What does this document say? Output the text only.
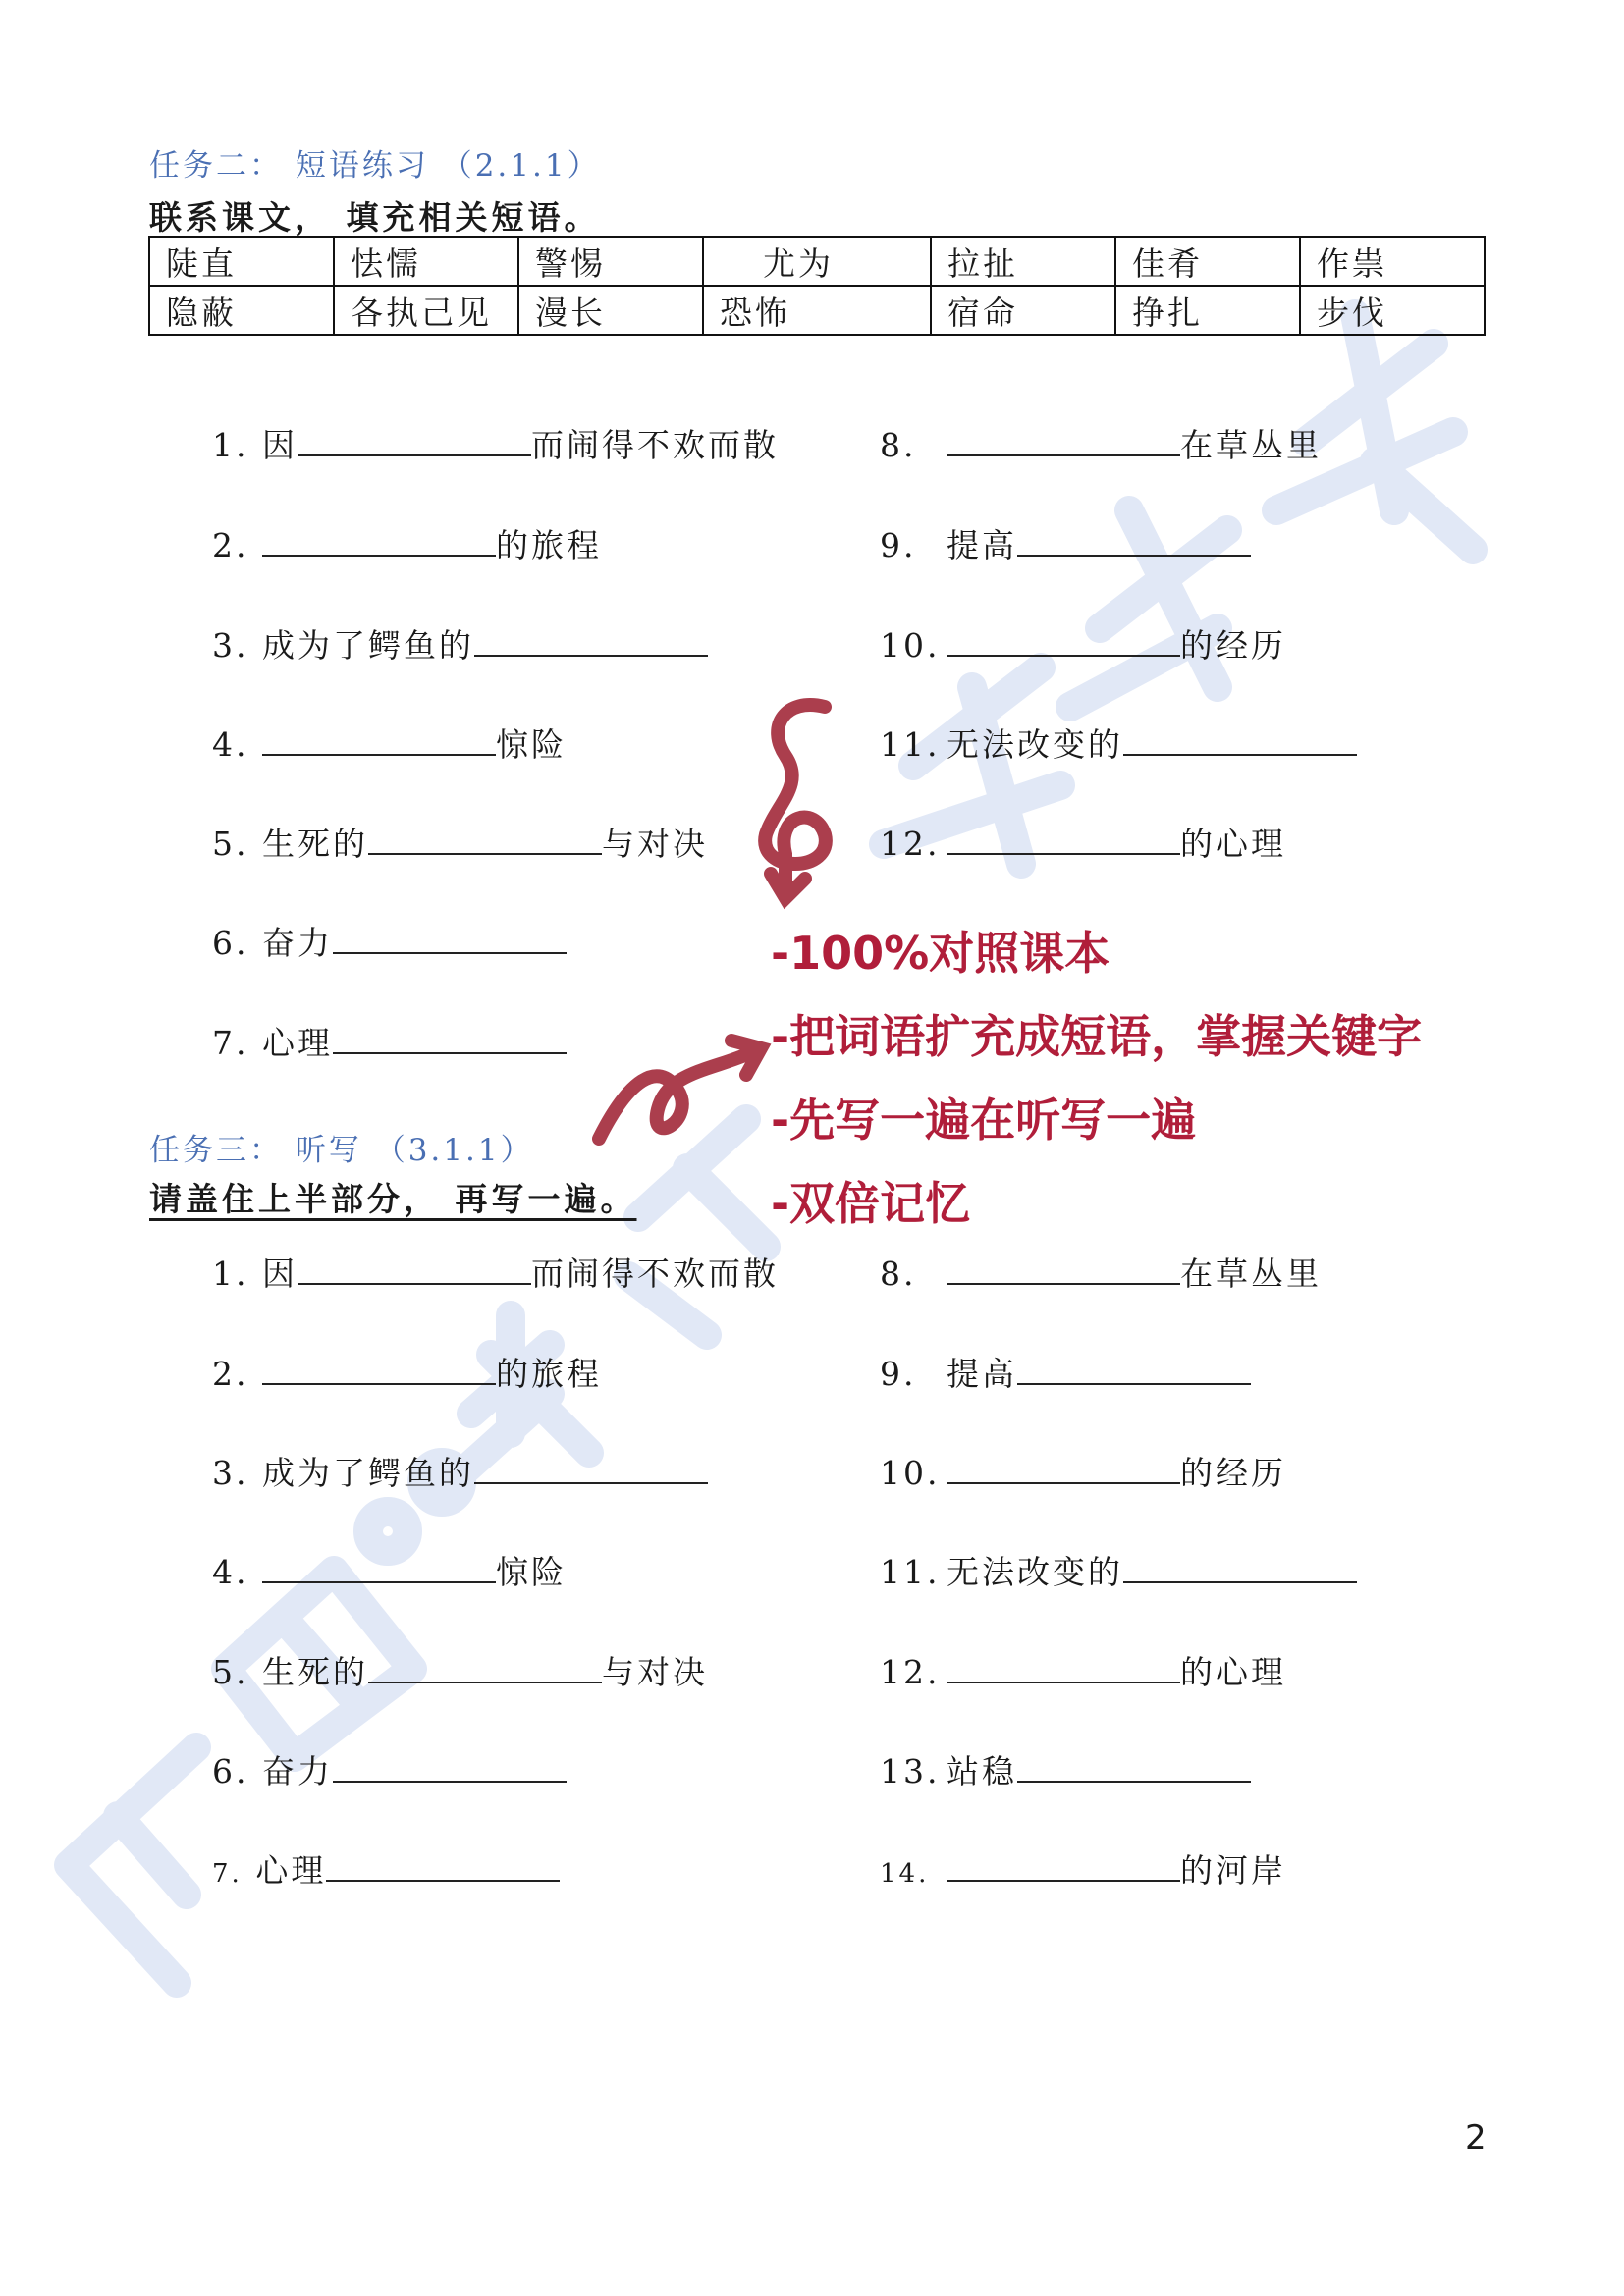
任务二： 短语练习 （2.1.1）
联系课文， 填充相关短语。
陡直	怯懦	警惕	尤为	拉扯	佳肴	作祟
隐蔽	各执己见	漫长	恐怖	宿命	挣扎	步伐
1. 因	而闹得不欢而散
2.	的旅程
3. 成为了鳄鱼的
4.	惊险
5. 生死的	与对决
6. 奋力
7. 心理
8.	在草丛里
9. 提高
10.	的经历
11. 无法改变的
12.	的心理
-100%对照课本
-把词语扩充成短语，掌握关键字
-先写一遍在听写一遍
-双倍记忆
任务三： 听写 （3.1.1）
请盖住上半部分， 再写一遍。
1. 因	而闹得不欢而散
2.	的旅程
3. 成为了鳄鱼的
4.	惊险
5. 生死的	与对决
6. 奋力
7. 心理
8.	在草丛里
9. 提高
10.	的经历
11. 无法改变的
12.	的心理
13. 站稳
14.	的河岸
2
